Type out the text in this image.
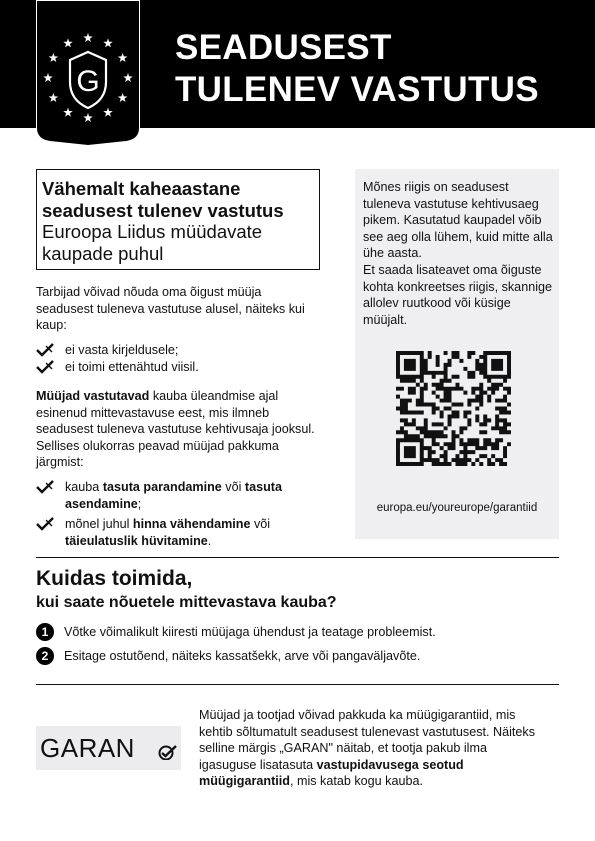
G
SEADUSEST
TULENEV VASTUTUS
Vähemalt kaheaastane seadusest tulenev vastutus Euroopa Liidus müüdavate kaupade puhul
Tarbijad võivad nõuda oma õigust müüja seadusest tuleneva vastutuse alusel, näiteks kui kaup:
ei vasta kirjeldusele;
ei toimi ettenähtud viisil.
Müüjad vastutavad kauba üleandmise ajal esinenud mittevastavuse eest, mis ilmneb seadusest tuleneva vastutuse kehtivusaja jooksul. Sellises olukorras peavad müüjad pakkuma järgmist:
kauba tasuta parandamine või tasuta asendamine;
mõnel juhul hinna vähendamine või täieulatuslik hüvitamine.

Mõnes riigis on seadusest tuleneva vastutuse kehtivusaeg pikem. Kasutatud kaupadel võib see aeg olla lühem, kuid mitte alla ühe aasta.

Et saada lisateavet oma õiguste kohta konkreetses riigis, skannige allolev ruutkood või küsige müüjalt.

europa.eu/youreurope/garantiid
Kuidas toimida,
kui saate nõuetele mittevastava kauba?
1	Võtke võimalikult kiiresti müüjaga ühendust ja teatage probleemist.
2	Esitage ostutõend, näiteks kassatšekk, arve või pangaväljavõte.
GARAN
Müüjad ja tootjad võivad pakkuda ka müügigarantiid, mis kehtib sõltumatult seadusest tulenevast vastutusest. Näiteks selline märgis „GARAN" näitab, et tootja pakub ilma igasuguse lisatasuta vastupidavusega seotud müügigarantiid, mis katab kogu kauba.
